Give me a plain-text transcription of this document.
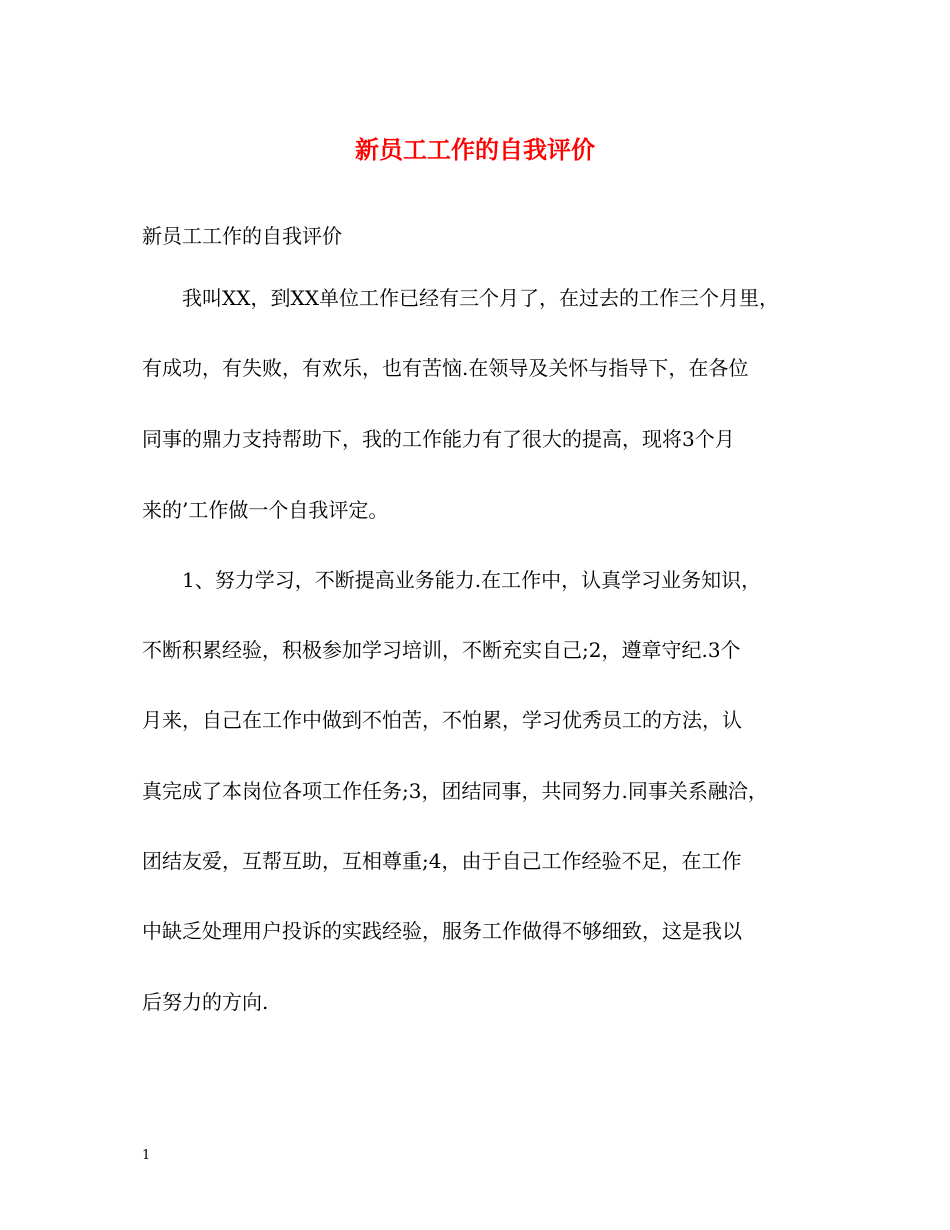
新员工工作的自我评价
新员工工作的自我评价
我叫XX，到XX单位工作已经有三个月了，在过去的工作三个月里，
有成功，有失败，有欢乐，也有苦恼.在领导及关怀与指导下，在各位
同事的鼎力支持帮助下，我的工作能力有了很大的提高，现将3个月
来的’工作做一个自我评定。
1、努力学习，不断提高业务能力.在工作中，认真学习业务知识，
不断积累经验，积极参加学习培训，不断充实自己;2，遵章守纪.3个
月来，自己在工作中做到不怕苦，不怕累，学习优秀员工的方法，认
真完成了本岗位各项工作任务;3，团结同事，共同努力.同事关系融洽，
团结友爱，互帮互助，互相尊重;4，由于自己工作经验不足，在工作
中缺乏处理用户投诉的实践经验，服务工作做得不够细致，这是我以
后努力的方向.
1
